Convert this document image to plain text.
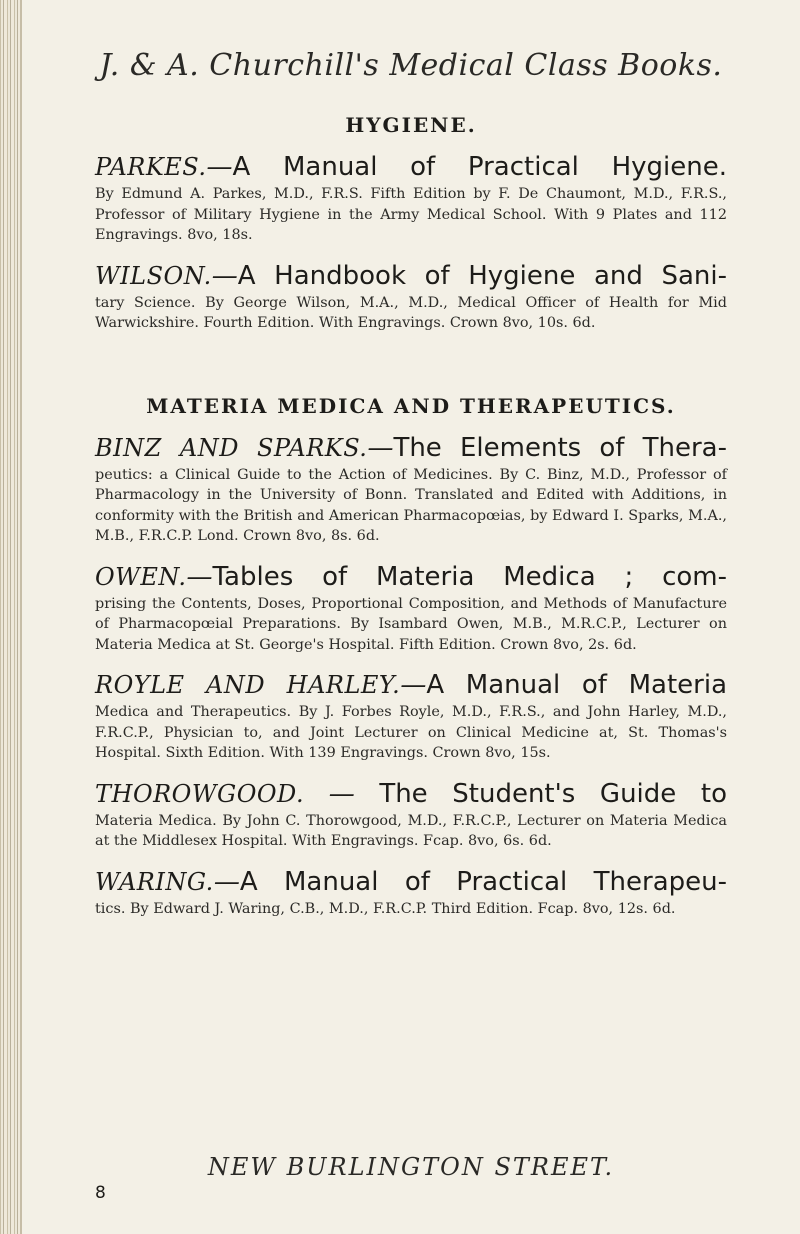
J. & A. Churchill's Medical Class Books.
HYGIENE.
PARKES.—A Manual of Practical Hygiene.
By Edmund A. Parkes, M.D., F.R.S. Fifth Edition by F. De Chaumont, M.D., F.R.S., Professor of Military Hygiene in the Army Medical School. With 9 Plates and 112 Engravings. 8vo, 18s.
WILSON.—A Handbook of Hygiene and Sani-
tary Science. By George Wilson, M.A., M.D., Medical Officer of Health for Mid Warwickshire. Fourth Edition. With Engravings. Crown 8vo, 10s. 6d.
MATERIA MEDICA AND THERAPEUTICS.
BINZ AND SPARKS.—The Elements of Thera-
peutics: a Clinical Guide to the Action of Medicines. By C. Binz, M.D., Professor of Pharmacology in the University of Bonn. Translated and Edited with Additions, in conformity with the British and American Pharmacopœias, by Edward I. Sparks, M.A., M.B., F.R.C.P. Lond. Crown 8vo, 8s. 6d.
OWEN.—Tables of Materia Medica ; com-
prising the Contents, Doses, Proportional Composition, and Methods of Manufacture of Pharmacopœial Preparations. By Isambard Owen, M.B., M.R.C.P., Lecturer on Materia Medica at St. George's Hospital. Fifth Edition. Crown 8vo, 2s. 6d.
ROYLE AND HARLEY.—A Manual of Materia
Medica and Therapeutics. By J. Forbes Royle, M.D., F.R.S., and John Harley, M.D., F.R.C.P., Physician to, and Joint Lecturer on Clinical Medicine at, St. Thomas's Hospital. Sixth Edition. With 139 Engravings. Crown 8vo, 15s.
THOROWGOOD. — The Student's Guide to
Materia Medica. By John C. Thorowgood, M.D., F.R.C.P., Lecturer on Materia Medica at the Middlesex Hospital. With Engravings. Fcap. 8vo, 6s. 6d.
WARING.—A Manual of Practical Therapeu-
tics. By Edward J. Waring, C.B., M.D., F.R.C.P. Third Edition. Fcap. 8vo, 12s. 6d.
NEW BURLINGTON STREET.
8
